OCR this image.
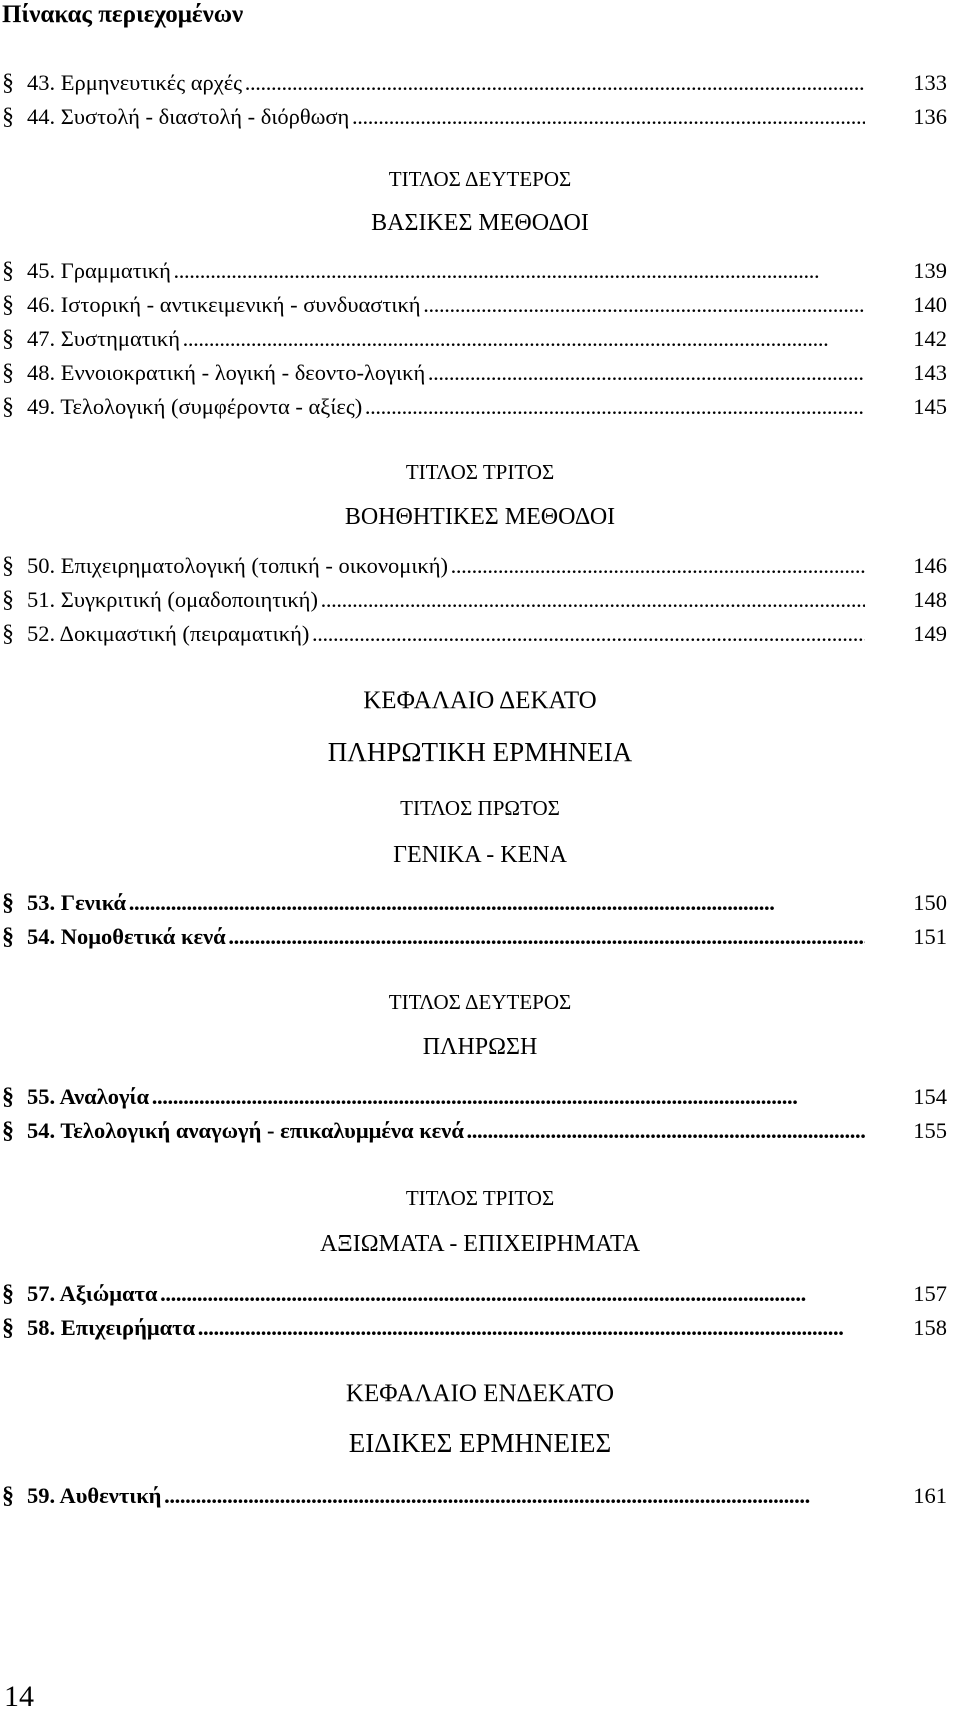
Πίνακας περιεχομένων
§ 43. Ερμηνευτικές αρχές . . .	133
§ 44. Συστολή - διαστολή - διόρθωση . . .	136
ΤΙΤΛΟΣ ΔΕΥΤΕΡΟΣ
ΒΑΣΙΚΕΣ ΜΕΘΟΔΟΙ
§ 45. Γραμματική . . .	139
§ 46. Ιστορική - αντικειμενική - συνδυαστική . . .	140
§ 47. Συστηματική . . .	142
§ 48. Εννοιοκρατική - λογική - δεοντο-λογική . . .	143
§ 49. Τελολογική (συμφέροντα - αξίες) . . .	145
ΤΙΤΛΟΣ ΤΡΙΤΟΣ
ΒΟΗΘΗΤΙΚΕΣ ΜΕΘΟΔΟΙ
§ 50. Επιχειρηματολογική (τοπική - οικονομική) . . .	146
§ 51. Συγκριτική (ομαδοποιητική) . . .	148
§ 52. Δοκιμαστική (πειραματική) . . .	149
ΚΕΦΑΛΑΙΟ ΔΕΚΑΤΟ
ΠΛΗΡΩΤΙΚΗ ΕΡΜΗΝΕΙΑ
ΤΙΤΛΟΣ ΠΡΩΤΟΣ
ΓΕΝΙΚΑ - ΚΕΝΑ
§ 53. Γενικά . . .	150
§ 54. Νομοθετικά κενά . . .	151
ΤΙΤΛΟΣ ΔΕΥΤΕΡΟΣ
ΠΛΗΡΩΣΗ
§ 55. Αναλογία . . .	154
§ 54. Τελολογική αναγωγή - επικαλυμμένα κενά . . .	155
ΤΙΤΛΟΣ ΤΡΙΤΟΣ
ΑΞΙΩΜΑΤΑ - ΕΠΙΧΕΙΡΗΜΑΤΑ
§ 57. Αξιώματα . . .	157
§ 58. Επιχειρήματα . . .	158
ΚΕΦΑΛΑΙΟ ΕΝΔΕΚΑΤΟ
ΕΙΔΙΚΕΣ ΕΡΜΗΝΕΙΕΣ
§ 59. Αυθεντική . . .	161
14
